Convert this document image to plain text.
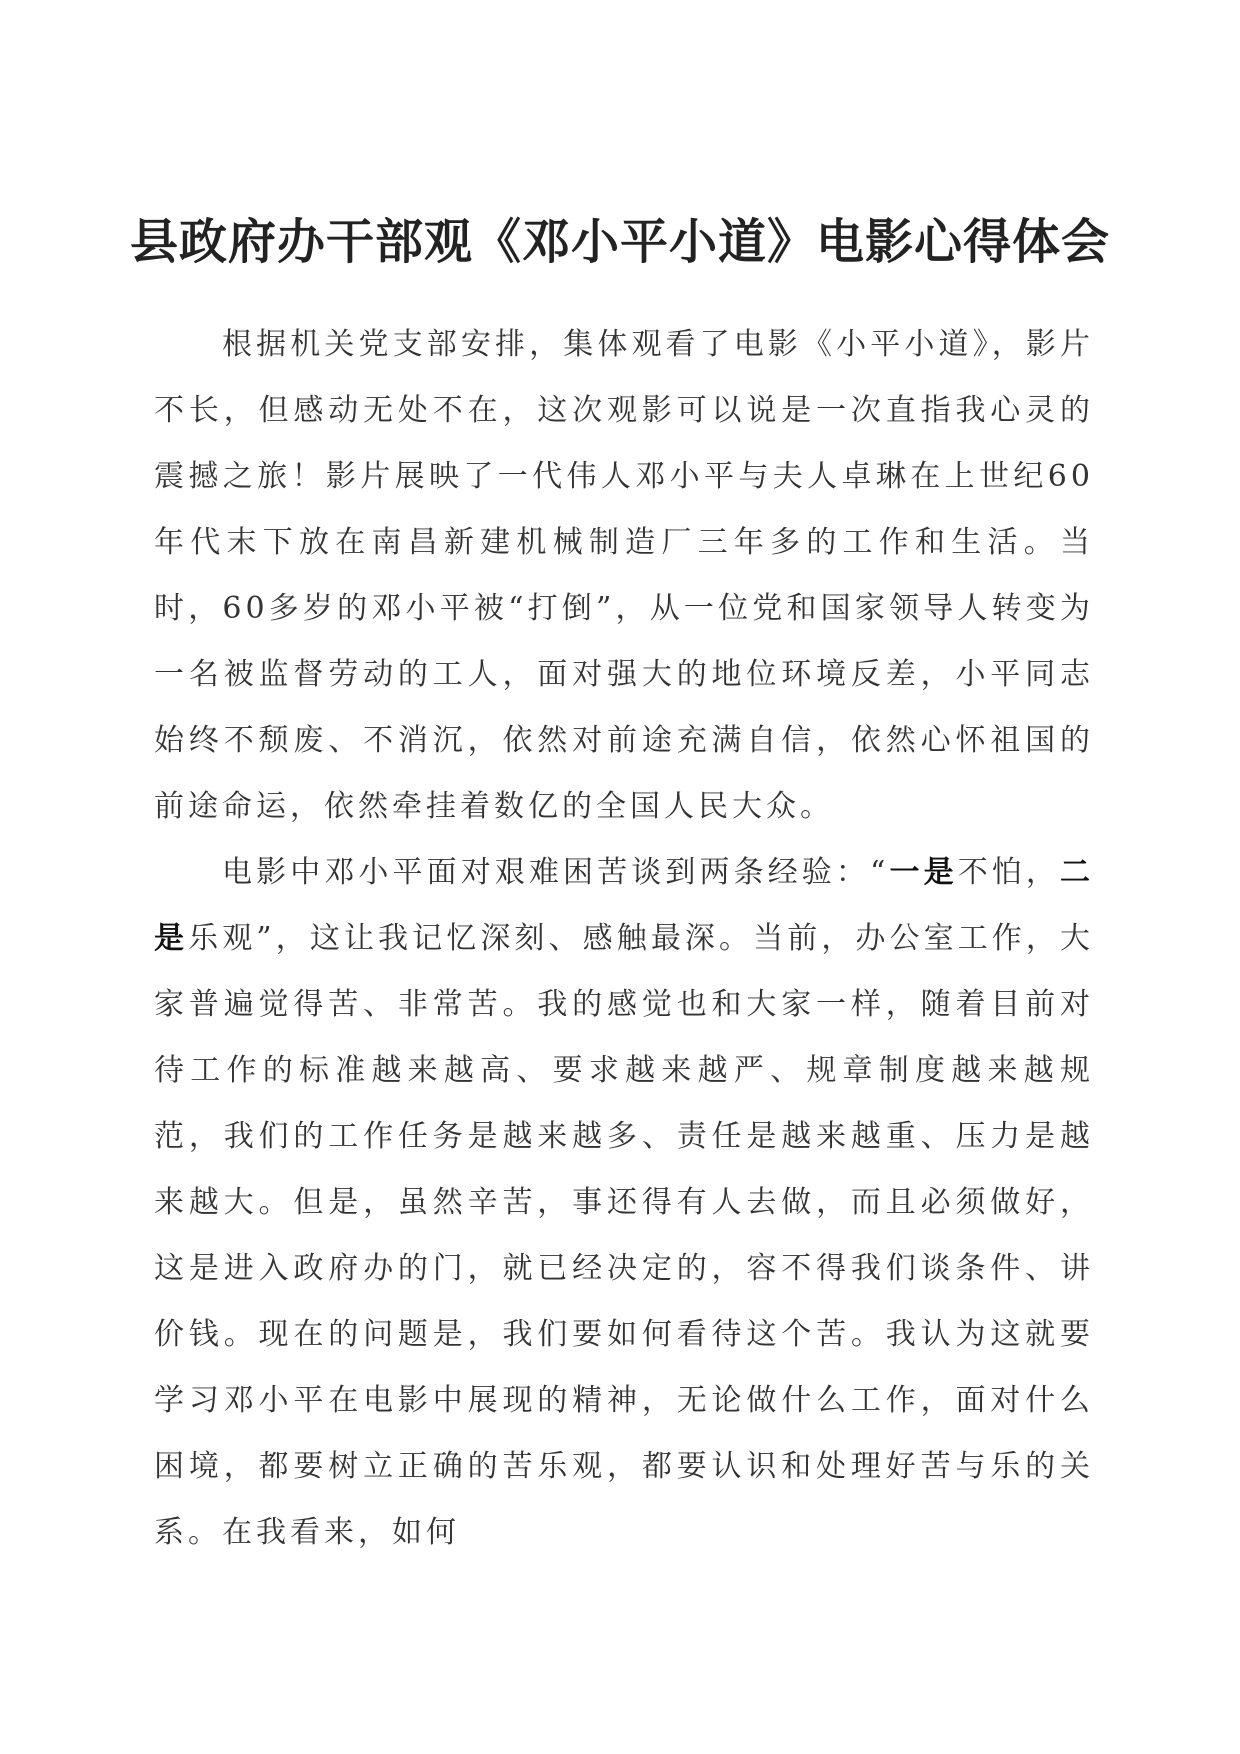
县政府办干部观《邓小平小道》电影心得体会

根据机关党支部安排，集体观看了电影《小平小道》，影片不长，但感动无处不在，这次观影可以说是一次直指我心灵的震撼之旅！影片展映了一代伟人邓小平与夫人卓琳在上世纪60年代末下放在南昌新建机械制造厂三年多的工作和生活。当时，60多岁的邓小平被“打倒”，从一位党和国家领导人转变为一名被监督劳动的工人，面对强大的地位环境反差，小平同志始终不颓废、不消沉，依然对前途充满自信，依然心怀祖国的前途命运，依然牵挂着数亿的全国人民大众。

电影中邓小平面对艰难困苦谈到两条经验：“一是不怕，二是乐观”，这让我记忆深刻、感触最深。当前，办公室工作，大家普遍觉得苦、非常苦。我的感觉也和大家一样，随着目前对待工作的标准越来越高、要求越来越严、规章制度越来越规范，我们的工作任务是越来越多、责任是越来越重、压力是越来越大。但是，虽然辛苦，事还得有人去做，而且必须做好，这是进入政府办的门，就已经决定的，容不得我们谈条件、讲价钱。现在的问题是，我们要如何看待这个苦。我认为这就要学习邓小平在电影中展现的精神，无论做什么工作，面对什么困境，都要树立正确的苦乐观，都要认识和处理好苦与乐的关系。在我看来，如何
